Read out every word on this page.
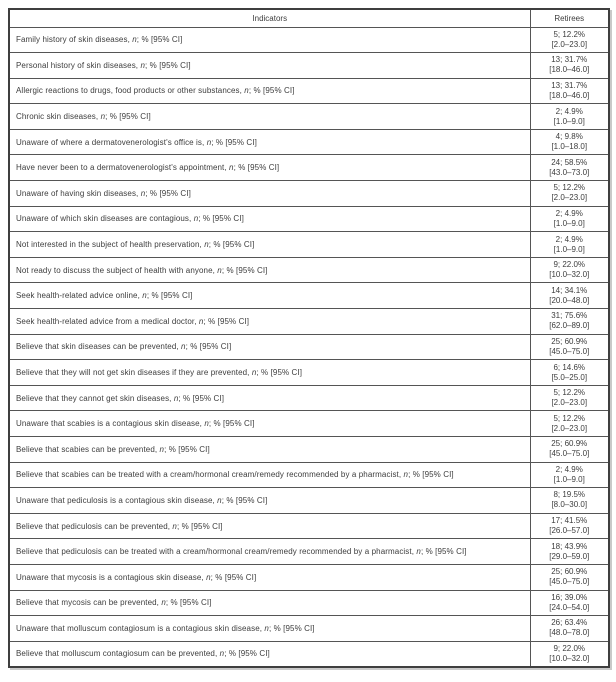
Indicators	Retirees
Family history of skin diseases, n; % [95% CI]	5; 12.2%
[2.0–23.0]

Personal history of skin diseases, n; % [95% CI]	13; 31.7%
[18.0–46.0]

Allergic reactions to drugs, food products or other substances, n; % [95% CI]	13; 31.7%
[18.0–46.0]

Chronic skin diseases, n; % [95% CI]	2; 4.9%
[1.0–9.0]

Unaware of where a dermatovenerologist's office is, n; % [95% CI]	4; 9.8%
[1.0–18.0]

Have never been to a dermatovenerologist's appointment, n; % [95% CI]	24; 58.5%
[43.0–73.0]

Unaware of having skin diseases, n; % [95% CI]	5; 12.2%
[2.0–23.0]

Unaware of which skin diseases are contagious, n; % [95% CI]	2; 4.9%
[1.0–9.0]

Not interested in the subject of health preservation, n; % [95% CI]	2; 4.9%
[1.0–9.0]

Not ready to discuss the subject of health with anyone, n; % [95% CI]	9; 22.0%
[10.0–32.0]

Seek health-related advice online, n; % [95% CI]	14; 34.1%
[20.0–48.0]

Seek health-related advice from a medical doctor, n; % [95% CI]	31; 75.6%
[62.0–89.0]

Believe that skin diseases can be prevented, n; % [95% CI]	25; 60.9%
[45.0–75.0]

Believe that they will not get skin diseases if they are prevented, n; % [95% CI]	6; 14.6%
[5.0–25.0]

Believe that they cannot get skin diseases, n; % [95% CI]	5; 12.2%
[2.0–23.0]

Unaware that scabies is a contagious skin disease, n; % [95% CI]	5; 12.2%
[2.0–23.0]

Believe that scabies can be prevented, n; % [95% CI]	25; 60.9%
[45.0–75.0]

Believe that scabies can be treated with a cream/hormonal cream/remedy recommended by a pharmacist, n; % [95% CI]	2; 4.9%
[1.0–9.0]

Unaware that pediculosis is a contagious skin disease, n; % [95% CI]	8; 19.5%
[8.0–30.0]

Believe that pediculosis can be prevented, n; % [95% CI]	17; 41.5%
[26.0–57.0]

Believe that pediculosis can be treated with a cream/hormonal cream/remedy recommended by a pharmacist, n; % [95% CI]	18; 43.9%
[29.0–59.0]

Unaware that mycosis is a contagious skin disease, n; % [95% CI]	25; 60.9%
[45.0–75.0]

Believe that mycosis can be prevented, n; % [95% CI]	16; 39.0%
[24.0–54.0]

Unaware that molluscum contagiosum is a contagious skin disease, n; % [95% CI]	26; 63.4%
[48.0–78.0]

Believe that molluscum contagiosum can be prevented, n; % [95% CI]	9; 22.0%
[10.0–32.0]
